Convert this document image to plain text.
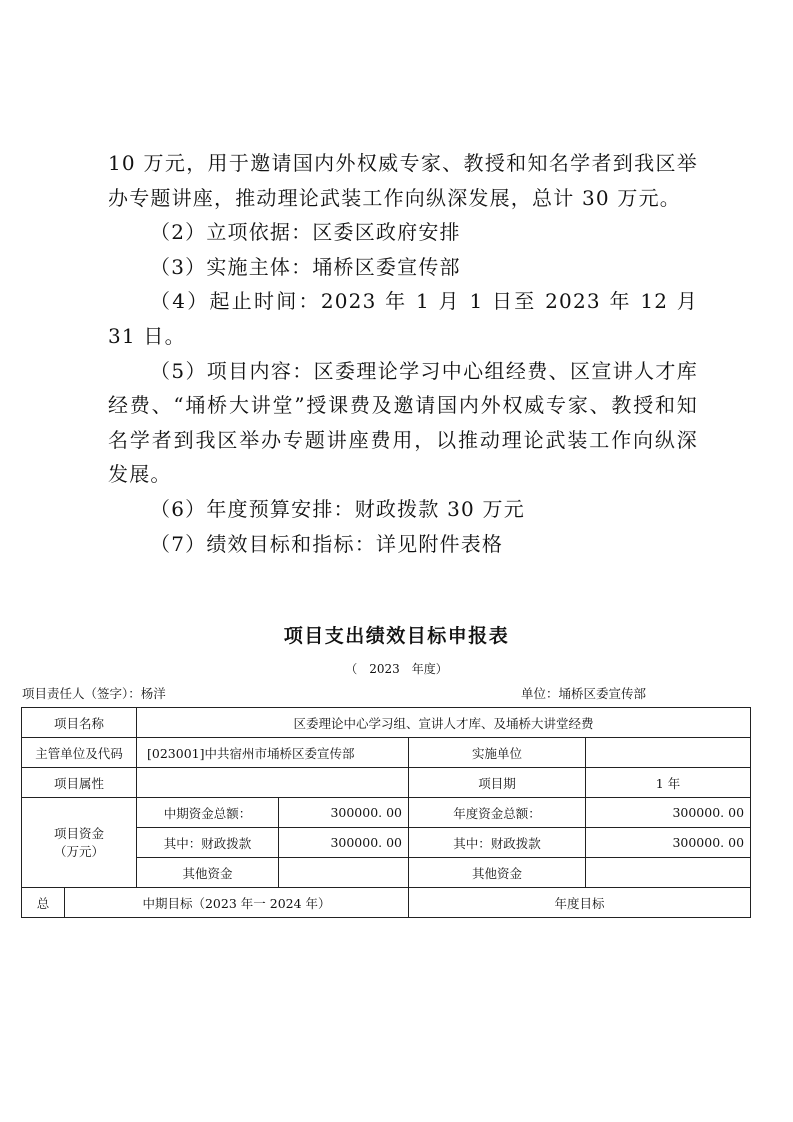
10 万元，用于邀请国内外权威专家、教授和知名学者到我区举办专题讲座，推动理论武装工作向纵深发展，总计 30 万元。

（2）立项依据：区委区政府安排

（3）实施主体：埇桥区委宣传部

（4）起止时间：2023 年 1 月 1 日至 2023 年 12 月 31 日。

（5）项目内容：区委理论学习中心组经费、区宣讲人才库经费、“埇桥大讲堂”授课费及邀请国内外权威专家、教授和知名学者到我区举办专题讲座费用，以推动理论武装工作向纵深发展。

（6）年度预算安排：财政拨款 30 万元

（7）绩效目标和指标：详见附件表格

项目支出绩效目标申报表
（　2023　年度）
项目责任人（签字）：杨洋	单位：埇桥区委宣传部
项目名称		区委理论中心学习组、宣讲人才库、及埇桥大讲堂经费			
主管单位及代码		[023001]中共宿州市埇桥区委宣传部		实施单位	
项目属性				项目期	1 年
项目资金
（万元）		中期资金总额：	300000. 00	年度资金总额：	300000. 00
		其中：财政拨款	300000. 00	其中：财政拨款	300000. 00
		其他资金		其他资金	
总	中期目标（2023 年一 2024 年）			年度目标	
